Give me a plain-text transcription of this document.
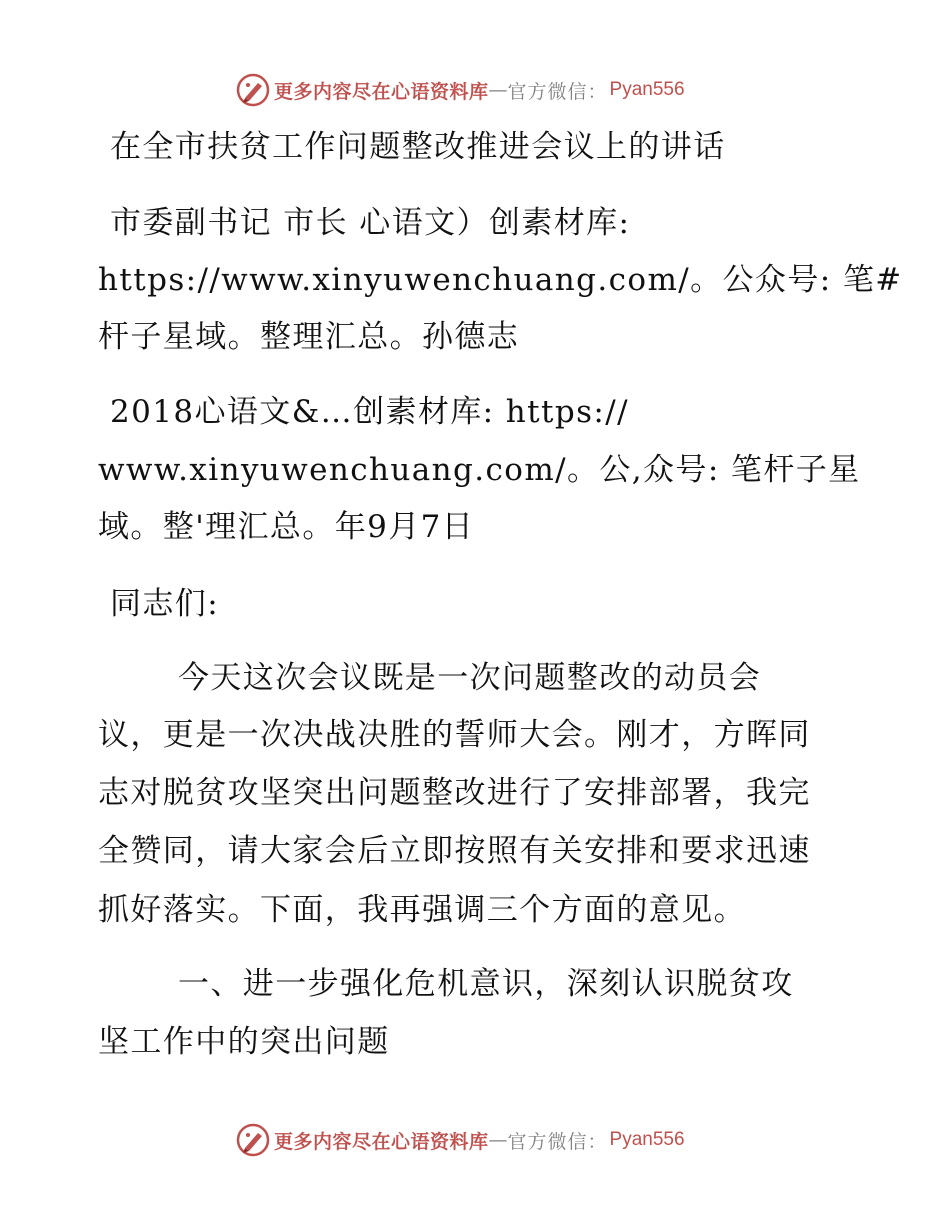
更多内容尽在心语资料库 — 官方微信： Pyan556
在全市扶贫工作问题整改推进会议上的讲话
市委副书记 市长 心语文）创素材库:
https://www.xinyuwenchuang.com/。公众号: 笔#
杆子星域。整理汇总。孙德志
2018心语文&…创素材库: https://
www.xinyuwenchuang.com/。公,众号: 笔杆子星
域。整'理汇总。年9月7日
同志们:
今天这次会议既是一次问题整改的动员会
议，更是一次决战决胜的誓师大会。刚才，方晖同
志对脱贫攻坚突出问题整改进行了安排部署，我完
全赞同，请大家会后立即按照有关安排和要求迅速
抓好落实。下面，我再强调三个方面的意见。
一、进一步强化危机意识，深刻认识脱贫攻
坚工作中的突出问题
更多内容尽在心语资料库 — 官方微信： Pyan556
